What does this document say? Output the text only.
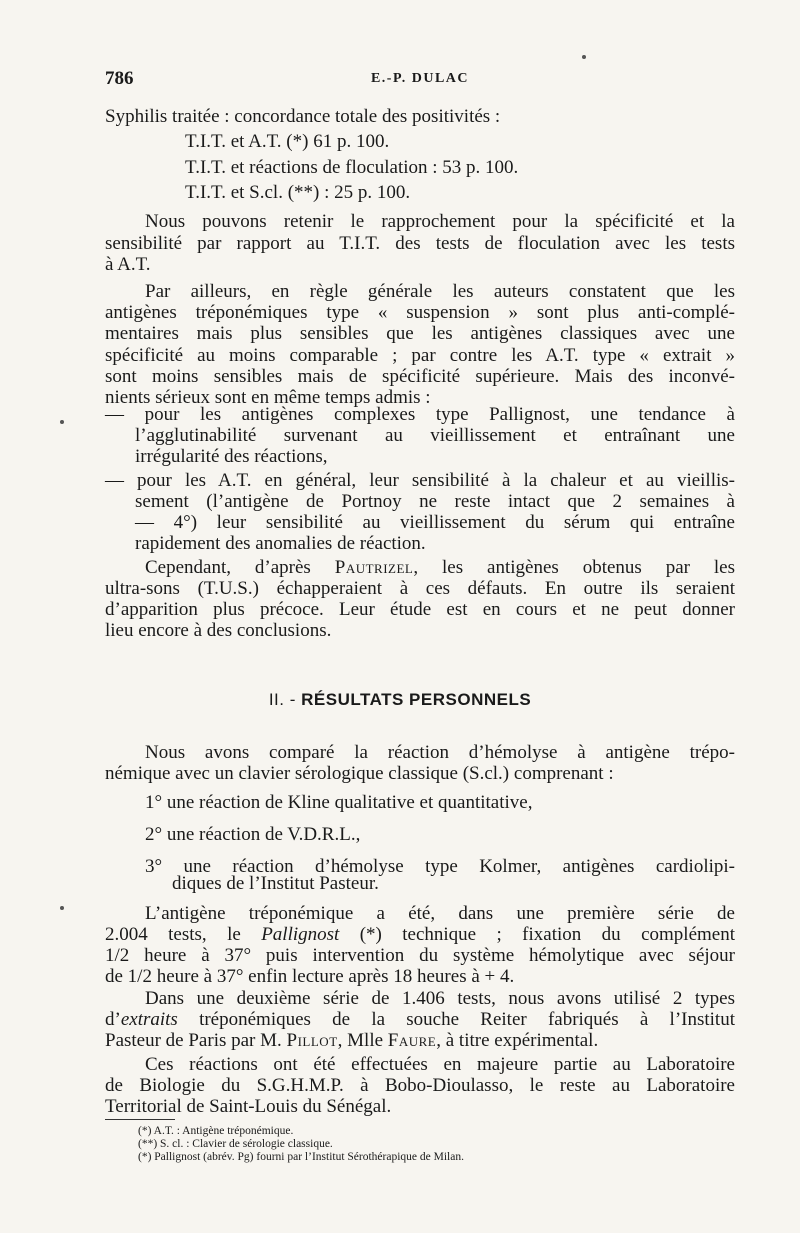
786	E.-P. DULAC
Syphilis traitée : concordance totale des positivités :
T.I.T. et A.T. (*) 61 p. 100.
T.I.T. et réactions de floculation : 53 p. 100.
T.I.T. et S.cl. (**) : 25 p. 100.
Nous pouvons retenir le rapprochement pour la spécificité et la
sensibilité par rapport au T.I.T. des tests de floculation avec les tests
à A.T.
Par ailleurs, en règle générale les auteurs constatent que les
antigènes tréponémiques type « suspension » sont plus anti-complé-
mentaires mais plus sensibles que les antigènes classiques avec une
spécificité au moins comparable ; par contre les A.T. type « extrait »
sont moins sensibles mais de spécificité supérieure. Mais des inconvé-
nients sérieux sont en même temps admis :
— pour les antigènes complexes type Pallignost, une tendance à
l’agglutinabilité survenant au vieillissement et entraînant une
irrégularité des réactions,
— pour les A.T. en général, leur sensibilité à la chaleur et au vieillis-
sement (l’antigène de Portnoy ne reste intact que 2 semaines à
— 4°) leur sensibilité au vieillissement du sérum qui entraîne
rapidement des anomalies de réaction.
Cependant, d’après Pautrizel, les antigènes obtenus par les
ultra-sons (T.U.S.) échapperaient à ces défauts. En outre ils seraient
d’apparition plus précoce. Leur étude est en cours et ne peut donner
lieu encore à des conclusions.
II. - RÉSULTATS PERSONNELS
Nous avons comparé la réaction d’hémolyse à antigène trépo-
némique avec un clavier sérologique classique (S.cl.) comprenant :
1° une réaction de Kline qualitative et quantitative,
2° une réaction de V.D.R.L.,
3° une réaction d’hémolyse type Kolmer, antigènes cardiolipi-
diques de l’Institut Pasteur.
L’antigène tréponémique a été, dans une première série de
2.004 tests, le Pallignost (*) technique ; fixation du complément
1/2 heure à 37° puis intervention du système hémolytique avec séjour
de 1/2 heure à 37° enfin lecture après 18 heures à + 4.
Dans une deuxième série de 1.406 tests, nous avons utilisé 2 types
d’extraits tréponémiques de la souche Reiter fabriqués à l’Institut
Pasteur de Paris par M. Pillot, Mlle Faure, à titre expérimental.
Ces réactions ont été effectuées en majeure partie au Laboratoire
de Biologie du S.G.H.M.P. à Bobo-Dioulasso, le reste au Laboratoire
Territorial de Saint-Louis du Sénégal.
(*) A.T. : Antigène tréponémique.
(**) S. cl. : Clavier de sérologie classique.
(*) Pallignost (abrév. Pg) fourni par l’Institut Sérothérapique de Milan.
